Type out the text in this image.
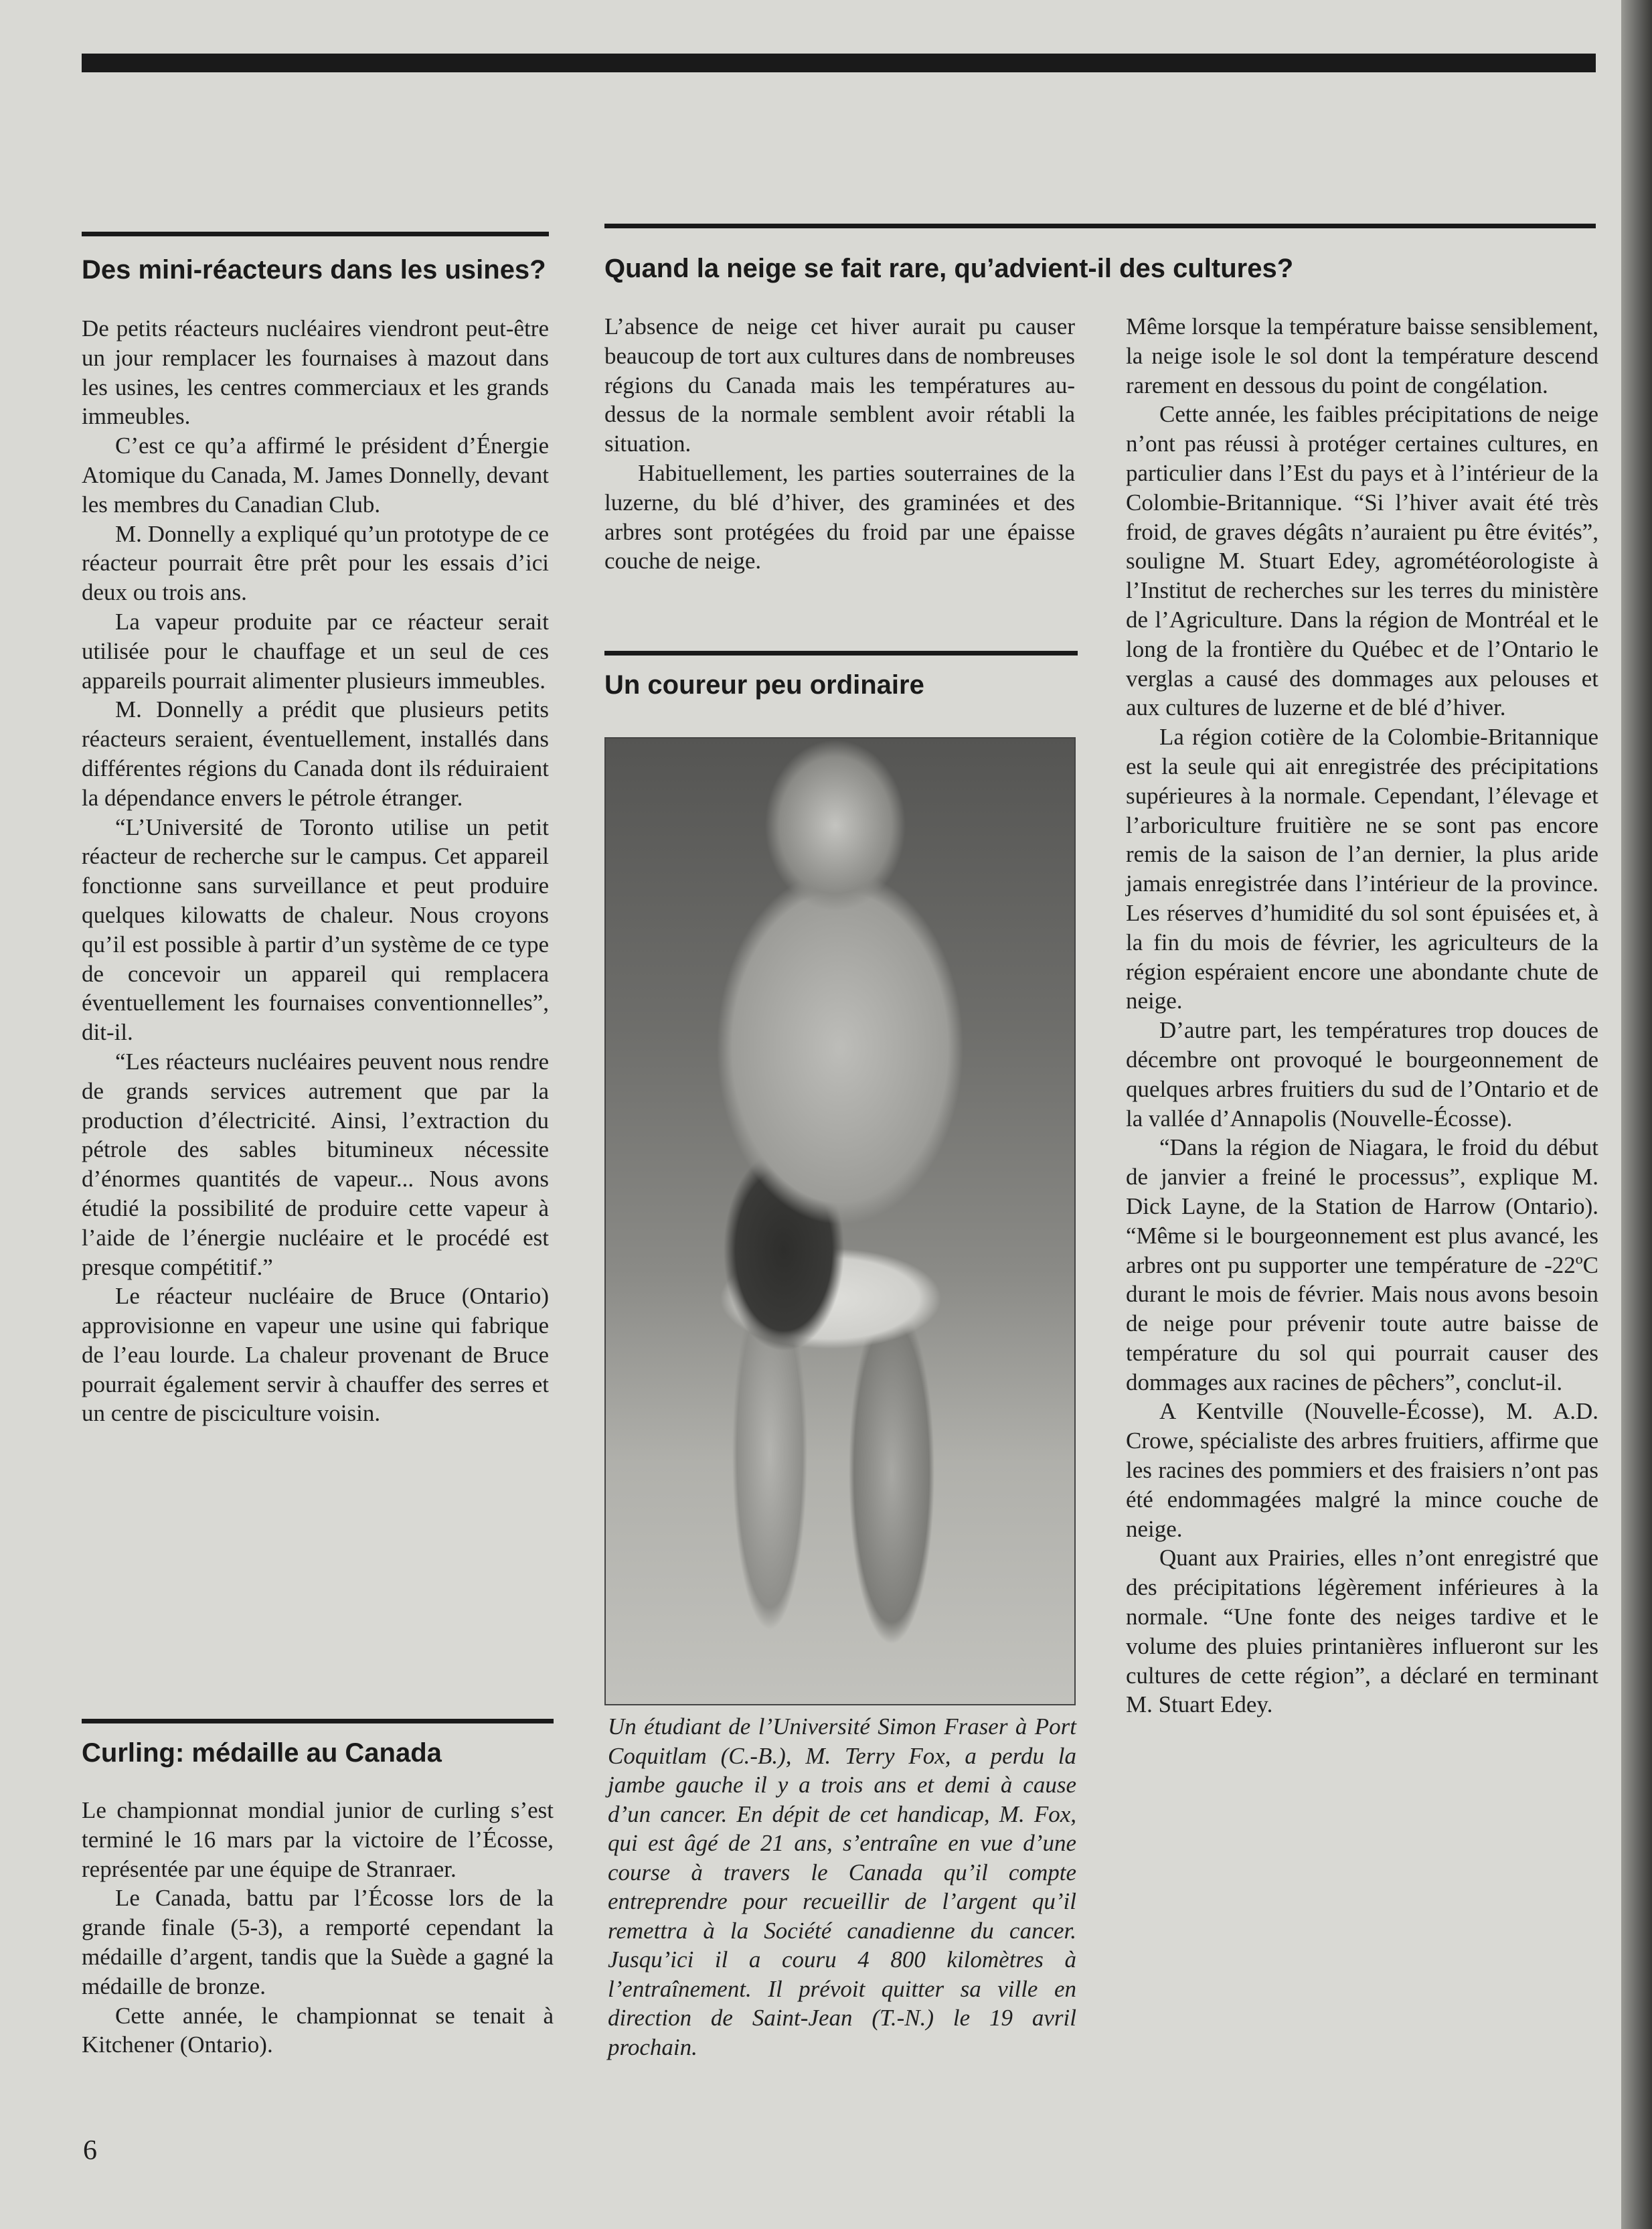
Des mini-réacteurs dans les usines?

De petits réacteurs nucléaires viendront peut-être un jour remplacer les fournaises à mazout dans les usines, les centres commerciaux et les grands immeubles.

C’est ce qu’a affirmé le président d’Énergie Atomique du Canada, M. James Donnelly, devant les membres du Canadian Club.

M. Donnelly a expliqué qu’un prototype de ce réacteur pourrait être prêt pour les essais d’ici deux ou trois ans.

La vapeur produite par ce réacteur serait utilisée pour le chauffage et un seul de ces appareils pourrait alimenter plusieurs immeubles.

M. Donnelly a prédit que plusieurs petits réacteurs seraient, éventuellement, installés dans différentes régions du Canada dont ils réduiraient la dépendance envers le pétrole étranger.

“L’Université de Toronto utilise un petit réacteur de recherche sur le campus. Cet appareil fonctionne sans surveillance et peut produire quelques kilowatts de chaleur. Nous croyons qu’il est possible à partir d’un système de ce type de concevoir un appareil qui remplacera éventuellement les fournaises conventionnelles”, dit-il.

“Les réacteurs nucléaires peuvent nous rendre de grands services autrement que par la production d’électricité. Ainsi, l’extraction du pétrole des sables bitumineux nécessite d’énormes quantités de vapeur... Nous avons étudié la possibilité de produire cette vapeur à l’aide de l’énergie nucléaire et le procédé est presque compétitif.”

Le réacteur nucléaire de Bruce (Ontario) approvisionne en vapeur une usine qui fabrique de l’eau lourde. La chaleur provenant de Bruce pourrait également servir à chauffer des serres et un centre de pisciculture voisin.

Curling: médaille au Canada

Le championnat mondial junior de curling s’est terminé le 16 mars par la victoire de l’Écosse, représentée par une équipe de Stranraer.

Le Canada, battu par l’Écosse lors de la grande finale (5-3), a remporté cependant la médaille d’argent, tandis que la Suède a gagné la médaille de bronze.

Cette année, le championnat se tenait à Kitchener (Ontario).

Quand la neige se fait rare, qu’advient-il des cultures?

L’absence de neige cet hiver aurait pu causer beaucoup de tort aux cultures dans de nombreuses régions du Canada mais les températures au-dessus de la normale semblent avoir rétabli la situation.

Habituellement, les parties souterraines de la luzerne, du blé d’hiver, des graminées et des arbres sont protégées du froid par une épaisse couche de neige.

Un coureur peu ordinaire

Un étudiant de l’Université Simon Fraser à Port Coquitlam (C.-B.), M. Terry Fox, a perdu la jambe gauche il y a trois ans et demi à cause d’un cancer. En dépit de cet handicap, M. Fox, qui est âgé de 21 ans, s’entraîne en vue d’une course à travers le Canada qu’il compte entreprendre pour recueillir de l’argent qu’il remettra à la Société canadienne du cancer. Jusqu’ici il a couru 4 800 kilomètres à l’entraînement. Il prévoit quitter sa ville en direction de Saint-Jean (T.-N.) le 19 avril prochain.

Même lorsque la température baisse sensiblement, la neige isole le sol dont la température descend rarement en dessous du point de congélation.

Cette année, les faibles précipitations de neige n’ont pas réussi à protéger certaines cultures, en particulier dans l’Est du pays et à l’intérieur de la Colombie-Britannique. “Si l’hiver avait été très froid, de graves dégâts n’auraient pu être évités”, souligne M. Stuart Edey, agrométéorologiste à l’Institut de recherches sur les terres du ministère de l’Agriculture. Dans la région de Montréal et le long de la frontière du Québec et de l’Ontario le verglas a causé des dommages aux pelouses et aux cultures de luzerne et de blé d’hiver.

La région cotière de la Colombie-Britannique est la seule qui ait enregistrée des précipitations supérieures à la normale. Cependant, l’élevage et l’arboriculture fruitière ne se sont pas encore remis de la saison de l’an dernier, la plus aride jamais enregistrée dans l’intérieur de la province. Les réserves d’humidité du sol sont épuisées et, à la fin du mois de février, les agriculteurs de la région espéraient encore une abondante chute de neige.

D’autre part, les températures trop douces de décembre ont provoqué le bourgeonnement de quelques arbres fruitiers du sud de l’Ontario et de la vallée d’Annapolis (Nouvelle-Écosse).

“Dans la région de Niagara, le froid du début de janvier a freiné le processus”, explique M. Dick Layne, de la Station de Harrow (Ontario). “Même si le bourgeonnement est plus avancé, les arbres ont pu supporter une température de -22ºC durant le mois de février. Mais nous avons besoin de neige pour prévenir toute autre baisse de température du sol qui pourrait causer des dommages aux racines de pêchers”, conclut-il.

A Kentville (Nouvelle-Écosse), M. A.D. Crowe, spécialiste des arbres fruitiers, affirme que les racines des pommiers et des fraisiers n’ont pas été endommagées malgré la mince couche de neige.

Quant aux Prairies, elles n’ont enregistré que des précipitations légèrement inférieures à la normale. “Une fonte des neiges tardive et le volume des pluies printanières influeront sur les cultures de cette région”, a déclaré en terminant M. Stuart Edey.

6
